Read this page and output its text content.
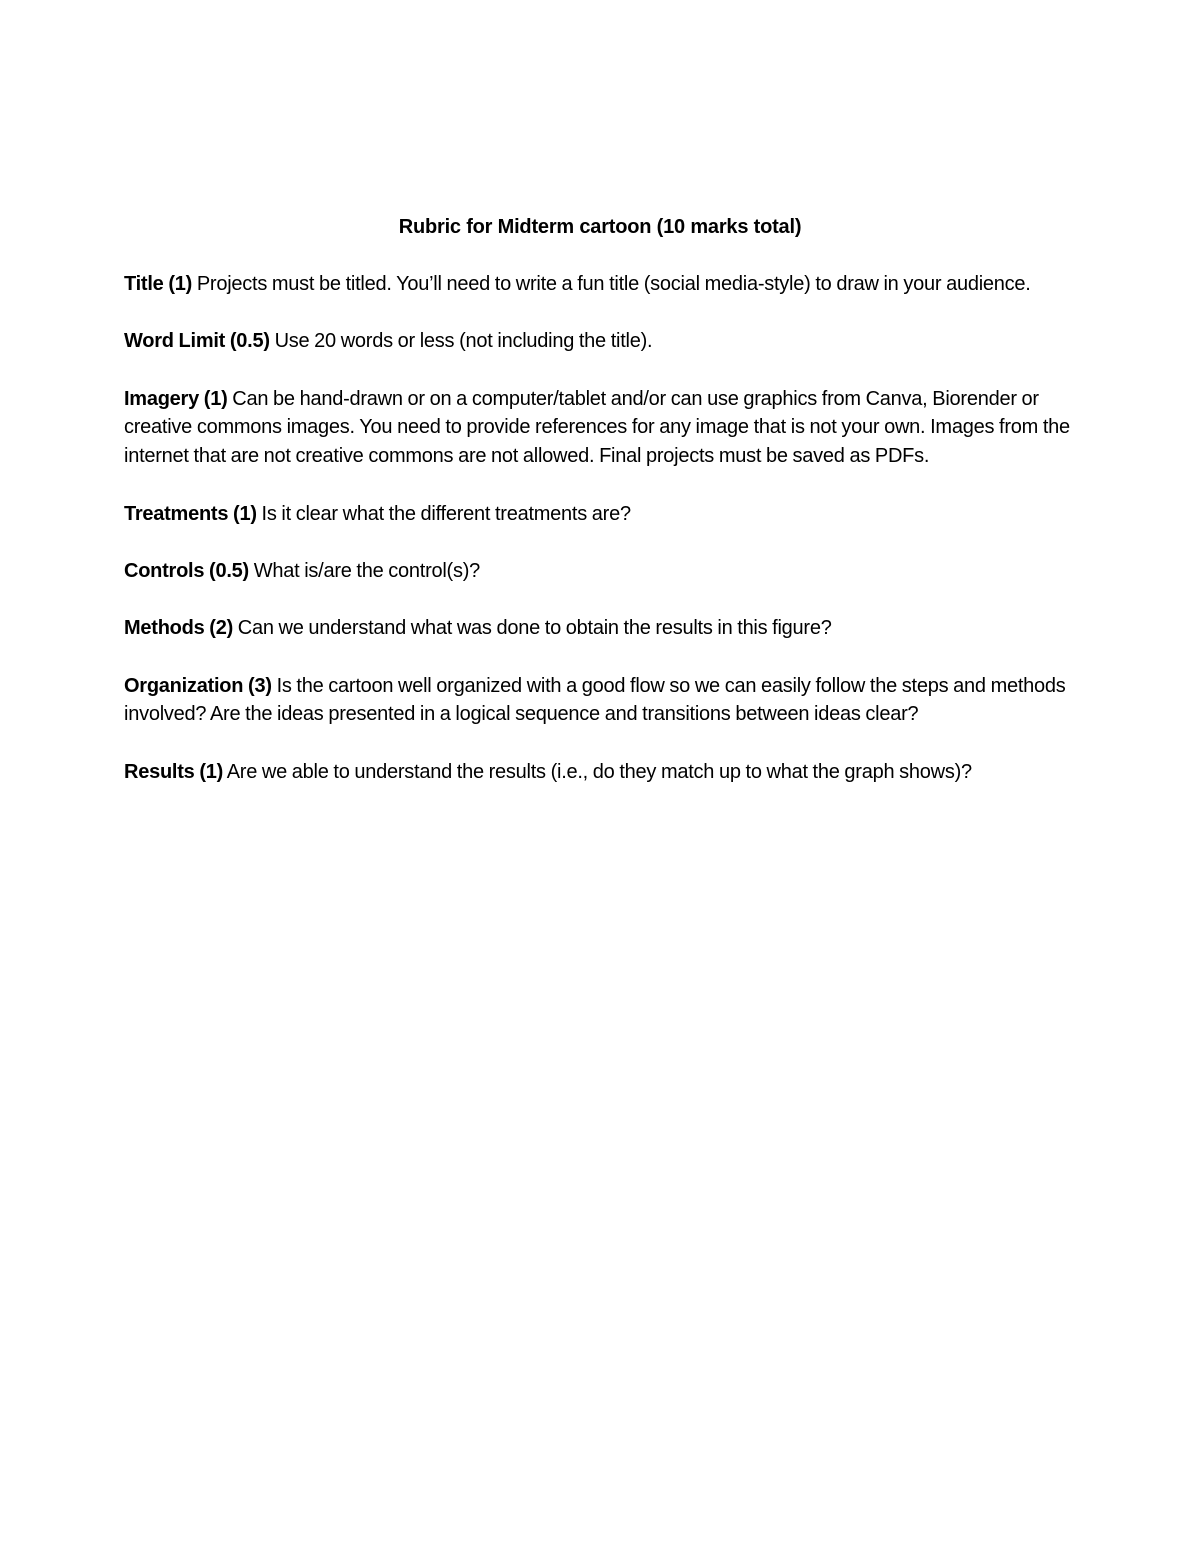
Rubric for Midterm cartoon (10 marks total)
Title (1) Projects must be titled. You’ll need to write a fun title (social media-style) to draw in your audience.
Word Limit (0.5) Use 20 words or less (not including the title).
Imagery (1) Can be hand-drawn or on a computer/tablet and/or can use graphics from Canva, Biorender or creative commons images. You need to provide references for any image that is not your own. Images from the internet that are not creative commons are not allowed. Final projects must be saved as PDFs.
Treatments (1) Is it clear what the different treatments are?
Controls (0.5) What is/are the control(s)?
Methods (2) Can we understand what was done to obtain the results in this figure?
Organization (3) Is the cartoon well organized with a good flow so we can easily follow the steps and methods involved? Are the ideas presented in a logical sequence and transitions between ideas clear?
Results (1) Are we able to understand the results (i.e., do they match up to what the graph shows)?
